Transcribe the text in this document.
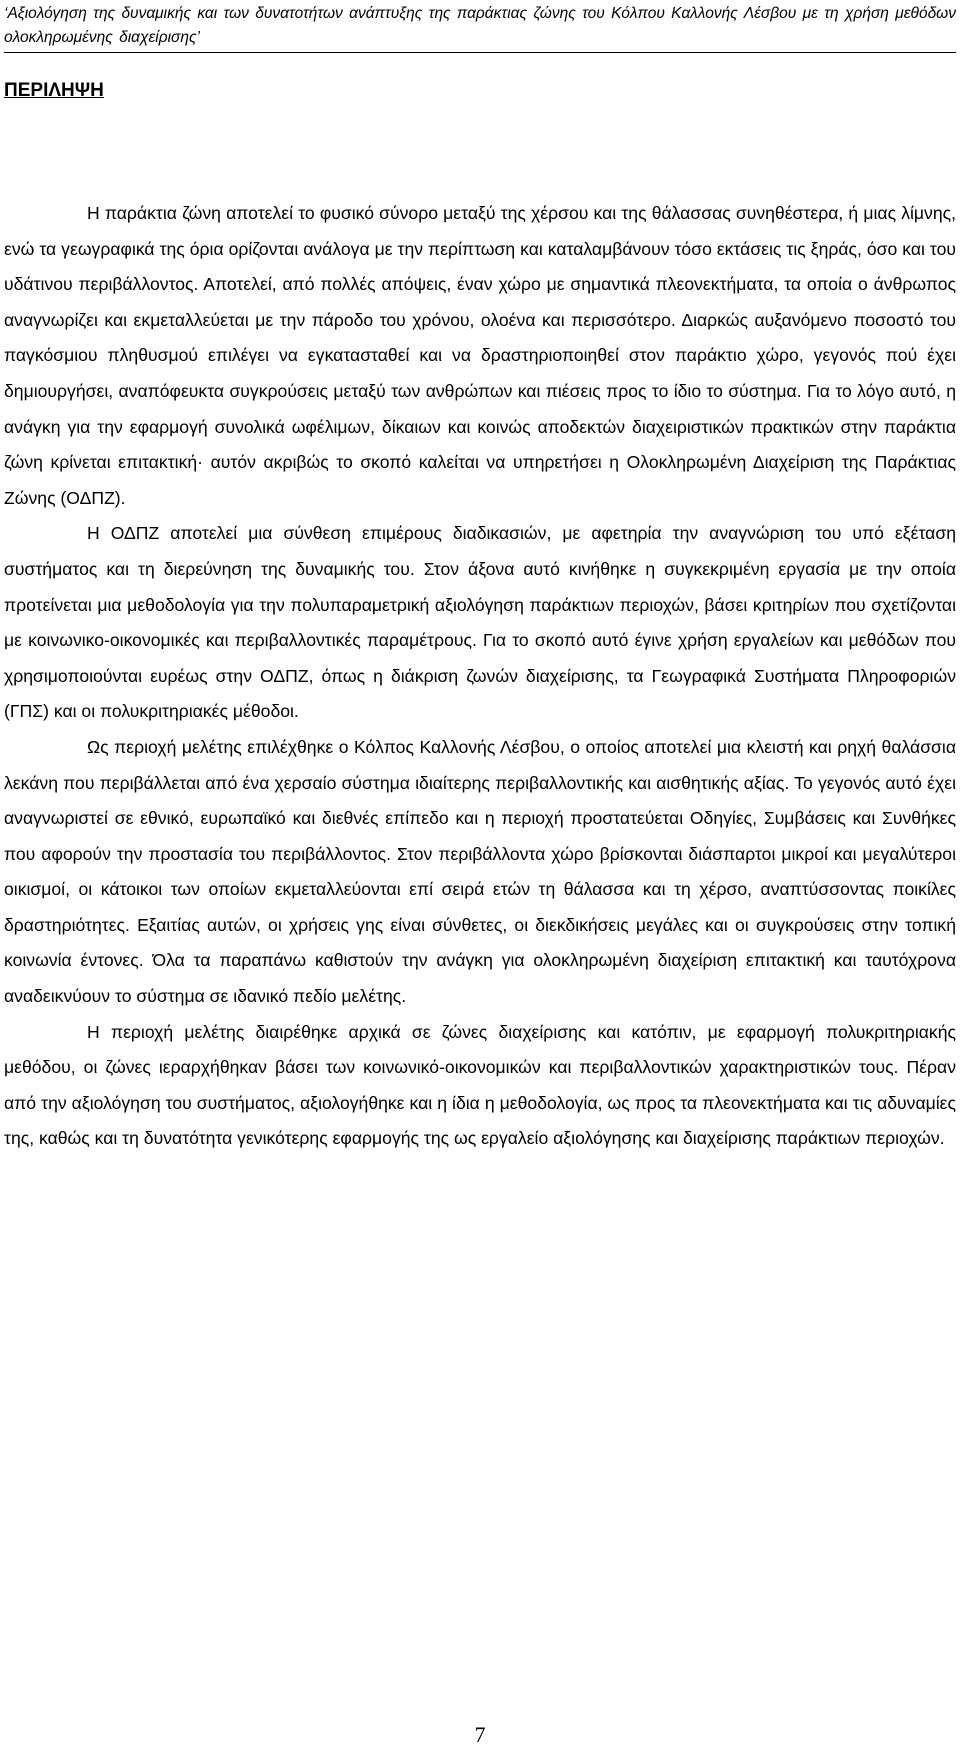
‘Αξιολόγηση της δυναμικής και των δυνατοτήτων ανάπτυξης της παράκτιας ζώνης του Κόλπου Καλλονής Λέσβου με τη χρήση μεθόδων ολοκληρωμένης διαχείρισης’

ΠΕΡΙΛΗΨΗ

Η παράκτια ζώνη αποτελεί το φυσικό σύνορο μεταξύ της χέρσου και της θάλασσας συνηθέστερα, ή μιας λίμνης, ενώ τα γεωγραφικά της όρια ορίζονται ανάλογα με την περίπτωση και καταλαμβάνουν τόσο εκτάσεις τις ξηράς, όσο και του υδάτινου περιβάλλοντος. Αποτελεί, από πολλές απόψεις, έναν χώρο με σημαντικά πλεονεκτήματα, τα οποία ο άνθρωπος αναγνωρίζει και εκμεταλλεύεται με την πάροδο του χρόνου, ολοένα και περισσότερο. Διαρκώς αυξανόμενο ποσοστό του παγκόσμιου πληθυσμού επιλέγει να εγκατασταθεί και να δραστηριοποιηθεί στον παράκτιο χώρο, γεγονός πού έχει δημιουργήσει, αναπόφευκτα συγκρούσεις μεταξύ των ανθρώπων και πιέσεις προς το ίδιο το σύστημα. Για το λόγο αυτό, η ανάγκη για την εφαρμογή συνολικά ωφέλιμων, δίκαιων και κοινώς αποδεκτών διαχειριστικών πρακτικών στην παράκτια ζώνη κρίνεται επιτακτική· αυτόν ακριβώς το σκοπό καλείται να υπηρετήσει η Ολοκληρωμένη Διαχείριση της Παράκτιας Ζώνης (ΟΔΠΖ).

Η ΟΔΠΖ αποτελεί μια σύνθεση επιμέρους διαδικασιών, με αφετηρία την αναγνώριση του υπό εξέταση συστήματος και τη διερεύνηση της δυναμικής του. Στον άξονα αυτό κινήθηκε η συγκεκριμένη εργασία με την οποία προτείνεται μια μεθοδολογία για την πολυπαραμετρική αξιολόγηση παράκτιων περιοχών, βάσει κριτηρίων που σχετίζονται με κοινωνικο-οικονομικές και περιβαλλοντικές παραμέτρους. Για το σκοπό αυτό έγινε χρήση εργαλείων και μεθόδων που χρησιμοποιούνται ευρέως στην ΟΔΠΖ, όπως η διάκριση ζωνών διαχείρισης, τα Γεωγραφικά Συστήματα Πληροφοριών (ΓΠΣ) και οι πολυκριτηριακές μέθοδοι.

Ως περιοχή μελέτης επιλέχθηκε ο Κόλπος Καλλονής Λέσβου, ο οποίος αποτελεί μια κλειστή και ρηχή θαλάσσια λεκάνη που περιβάλλεται από ένα χερσαίο σύστημα ιδιαίτερης περιβαλλοντικής και αισθητικής αξίας. Το γεγονός αυτό έχει αναγνωριστεί σε εθνικό, ευρωπαϊκό και διεθνές επίπεδο και η περιοχή προστατεύεται Οδηγίες, Συμβάσεις και Συνθήκες που αφορούν την προστασία του περιβάλλοντος. Στον περιβάλλοντα χώρο βρίσκονται διάσπαρτοι μικροί και μεγαλύτεροι οικισμοί, οι κάτοικοι των οποίων εκμεταλλεύονται επί σειρά ετών τη θάλασσα και τη χέρσο, αναπτύσσοντας ποικίλες δραστηριότητες. Εξαιτίας αυτών, οι χρήσεις γης είναι σύνθετες, οι διεκδικήσεις μεγάλες και οι συγκρούσεις στην τοπική κοινωνία έντονες. Όλα τα παραπάνω καθιστούν την ανάγκη για ολοκληρωμένη διαχείριση επιτακτική και ταυτόχρονα αναδεικνύουν το σύστημα σε ιδανικό πεδίο μελέτης.

Η περιοχή μελέτης διαιρέθηκε αρχικά σε ζώνες διαχείρισης και κατόπιν, με εφαρμογή πολυκριτηριακής μεθόδου, οι ζώνες ιεραρχήθηκαν βάσει των κοινωνικό-οικονομικών και περιβαλλοντικών χαρακτηριστικών τους. Πέραν από την αξιολόγηση του συστήματος, αξιολογήθηκε και η ίδια η μεθοδολογία, ως προς τα πλεονεκτήματα και τις αδυναμίες της, καθώς και τη δυνατότητα γενικότερης εφαρμογής της ως εργαλείο αξιολόγησης και διαχείρισης παράκτιων περιοχών.

7
